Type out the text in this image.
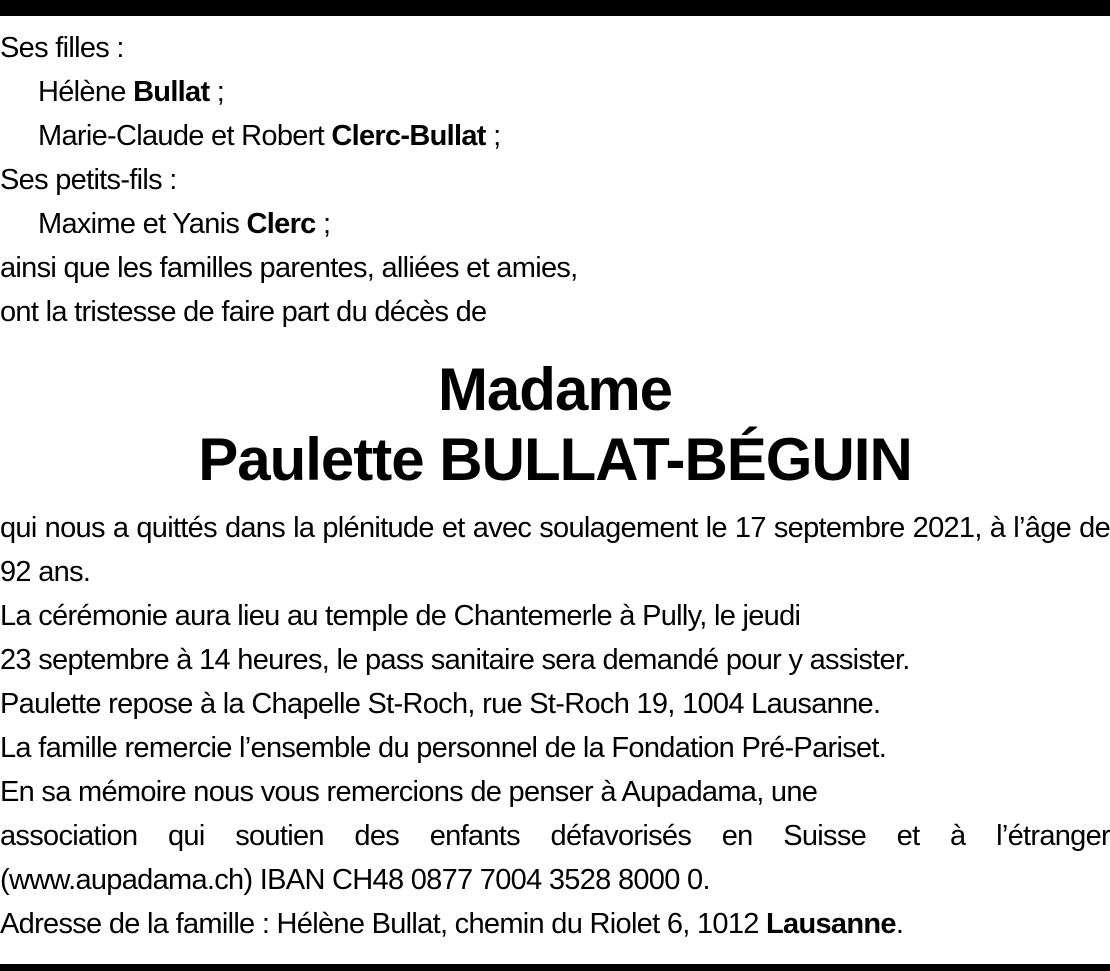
Ses filles :
Hélène Bullat ;
Marie-Claude et Robert Clerc-Bullat ;
Ses petits-fils :
Maxime et Yanis Clerc ;
ainsi que les familles parentes, alliées et amies,
ont la tristesse de faire part du décès de
Madame
Paulette BULLAT-BÉGUIN
qui nous a quittés dans la plénitude et avec soulagement le 17 septembre 2021, à l’âge de 92 ans.
La cérémonie aura lieu au temple de Chantemerle à Pully, le jeudi
23 septembre à 14 heures, le pass sanitaire sera demandé pour y assister.
Paulette repose à la Chapelle St-Roch, rue St-Roch 19, 1004 Lausanne.
La famille remercie l’ensemble du personnel de la Fondation Pré-Pariset.
En sa mémoire nous vous remercions de penser à Aupadama, une
association qui soutien des enfants défavorisés en Suisse et à l’étranger (www.aupadama.ch) IBAN CH48 0877 7004 3528 8000 0.
Adresse de la famille : Hélène Bullat, chemin du Riolet 6, 1012 Lausanne.
